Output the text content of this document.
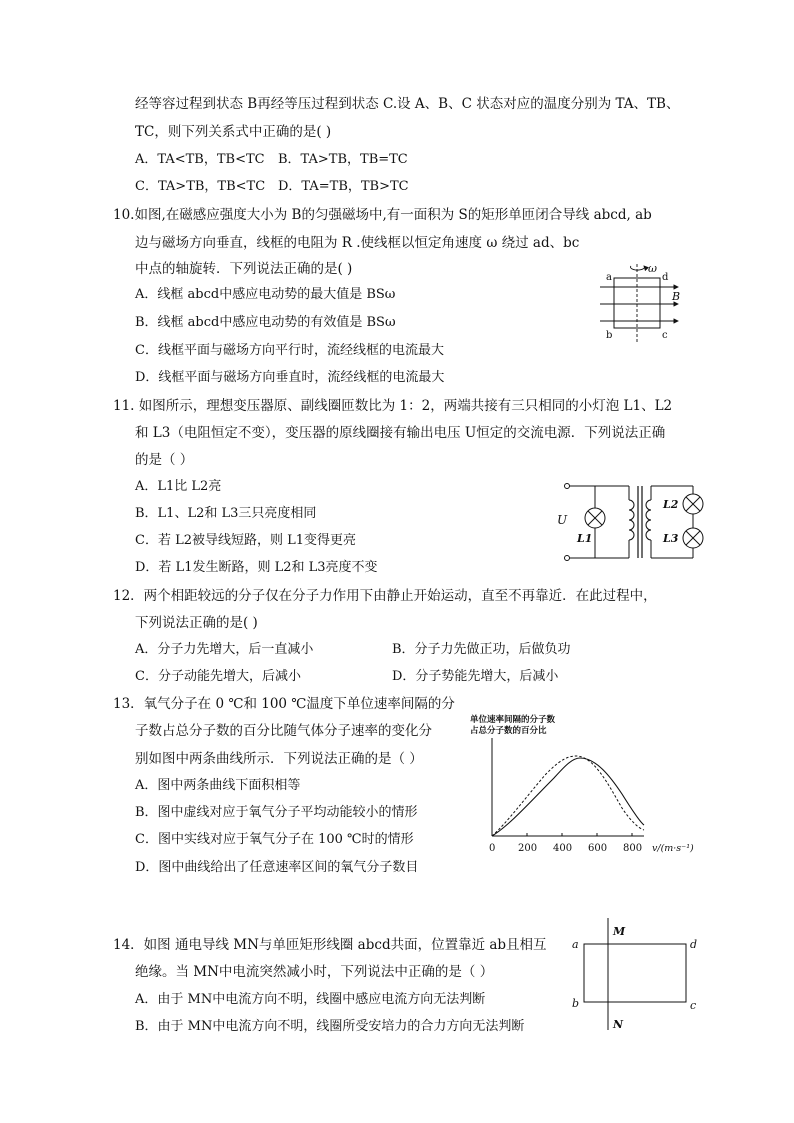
经等容过程到状态 B再经等压过程到状态 C.设 A、B、C 状态对应的温度分别为 TA、TB、
TC，则下列关系式中正确的是( )
A．TA<TB，TB<TC B．TA>TB，TB=TC
C．TA>TB，TB<TC D．TA=TB，TB>TC
10.如图,在磁感应强度大小为 B的匀强磁场中,有一面积为 S的矩形单匝闭合导线 abcd, ab
边与磁场方向垂直，线框的电阻为 R .使线框以恒定角速度 ω 绕过 ad、bc
中点的轴旋转．下列说法正确的是( )
A．线框 abcd中感应电动势的最大值是 BSω
B．线框 abcd中感应电动势的有效值是 BSω
C．线框平面与磁场方向平行时，流经线框的电流最大
D．线框平面与磁场方向垂直时，流经线框的电流最大
a	d
b	c
ω
B
11. 如图所示，理想变压器原、副线圈匝数比为 1：2，两端共接有三只相同的小灯泡 L1、L2
和 L3（电阻恒定不变），变压器的原线圈接有输出电压 U恒定的交流电源．下列说法正确
的是（ ）
A．L1比 L2亮
B．L1、L2和 L3三只亮度相同
C．若 L2被导线短路，则 L1变得更亮
D．若 L1发生断路，则 L2和 L3亮度不变
U
L1
L2
L3
12．两个相距较远的分子仅在分子力作用下由静止开始运动，直至不再靠近．在此过程中，
下列说法正确的是( )
A．分子力先增大，后一直减小	B．分子力先做正功，后做负功
C．分子动能先增大，后减小	D．分子势能先增大，后减小
13．氧气分子在 0 ℃和 100 ℃温度下单位速率间隔的分
子数占总分子数的百分比随气体分子速率的变化分
别如图中两条曲线所示．下列说法正确的是（ ）
A．图中两条曲线下面积相等
B．图中虚线对应于氧气分子平均动能较小的情形
C．图中实线对应于氧气分子在 100 ℃时的情形
D．图中曲线给出了任意速率区间的氧气分子数目
单位速率间隔的分子数
占总分子数的百分比
0 200 400 600 800 v/(m·s⁻¹)
14．如图 通电导线 MN与单匝矩形线圈 abcd共面，位置靠近 ab且相互
绝缘。当 MN中电流突然减小时，下列说法中正确的是（ ）
A．由于 MN中电流方向不明，线圈中感应电流方向无法判断
B．由于 MN中电流方向不明，线圈所受安培力的合力方向无法判断
a
b	c
d
M
N
